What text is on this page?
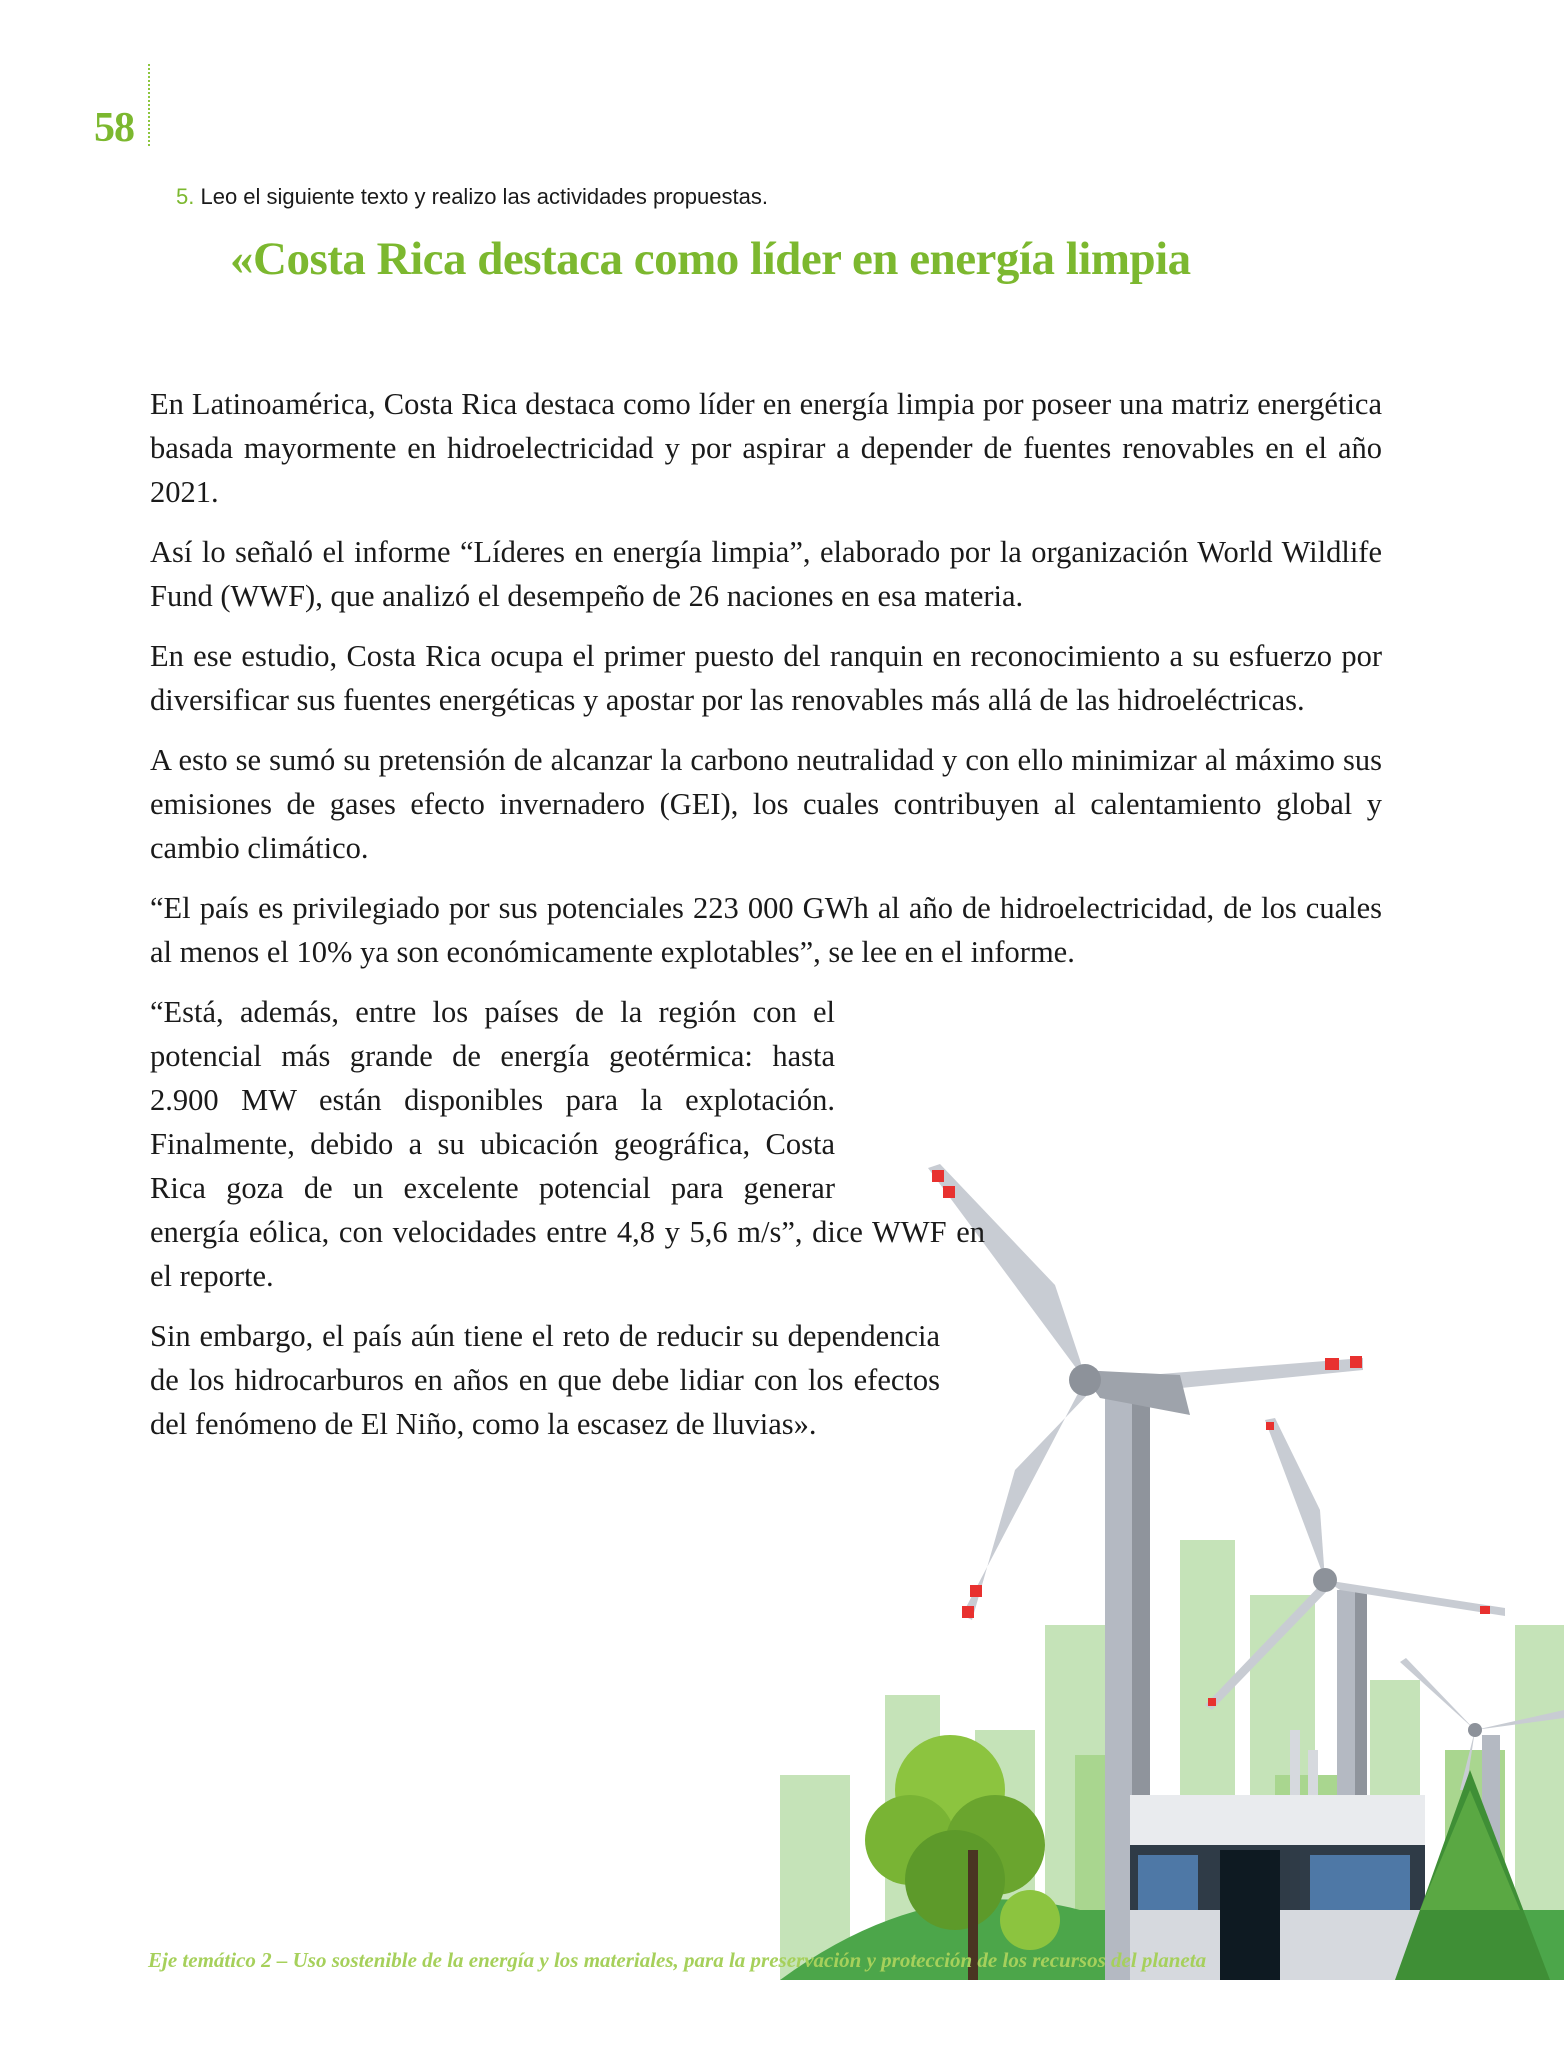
58
5. Leo el siguiente texto y realizo las actividades propuestas.
«Costa Rica destaca como líder en energía limpia

En Latinoamérica, Costa Rica destaca como líder en energía limpia por poseer una matriz energética basada mayormente en hidroelectricidad y por aspirar a depender de fuentes renovables en el año 2021.

Así lo señaló el informe “Líderes en energía limpia”, elaborado por la organización World Wildlife Fund (WWF), que analizó el desempeño de 26 naciones en esa materia.

En ese estudio, Costa Rica ocupa el primer puesto del ranquin en reconocimiento a su esfuerzo por diversificar sus fuentes energéticas y apostar por las renovables más allá de las hidroeléctricas.

A esto se sumó su pretensión de alcanzar la carbono neutralidad y con ello minimizar al máximo sus emisiones de gases efecto invernadero (GEI), los cuales contribuyen al calentamiento global y cambio climático.

“El país es privilegiado por sus potenciales 223 000 GWh al año de hidroelectricidad, de los cuales al menos el 10% ya son económicamente explotables”, se lee en el informe.

“Está, además, entre los países de la región con el potencial más grande de energía geotérmica: hasta 2.900 MW están disponibles para la explotación. Finalmente, debido a su ubicación geográfica, Costa Rica goza de un excelente potencial para generar energía eólica, con velocidades entre 4,8 y 5,6 m/s”, dice WWF en el reporte.

Sin embargo, el país aún tiene el reto de reducir su dependencia de los hidrocarburos en años en que debe lidiar con los efectos del fenómeno de El Niño, como la escasez de lluvias».

Eje temático 2 – Uso sostenible de la energía y los materiales, para la preservación y protección de los recursos del planeta
